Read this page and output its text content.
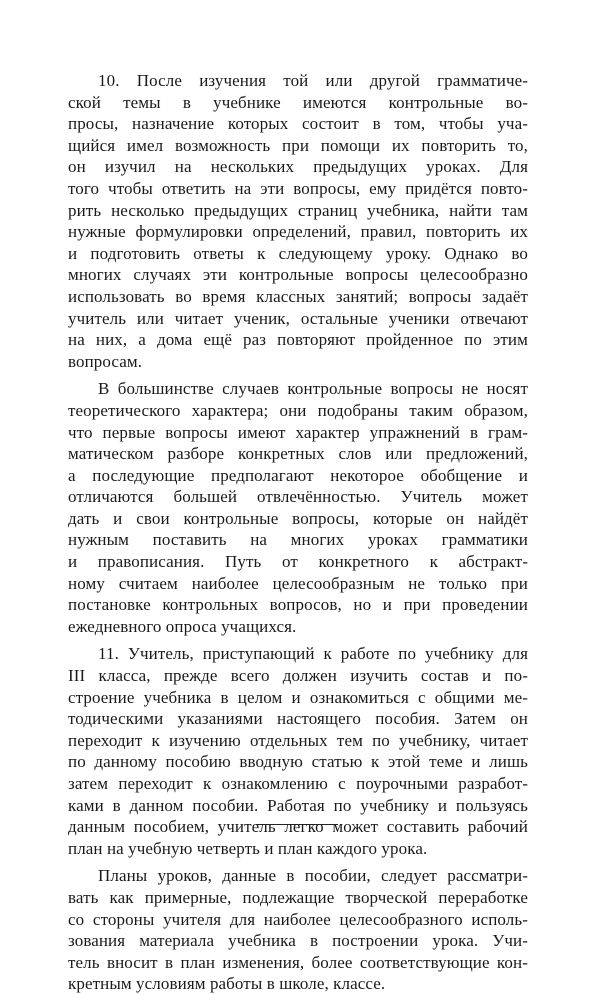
10. После изучения той или другой грамматиче-
ской темы в учебнике имеются контрольные во-
просы, назначение которых состоит в том, чтобы уча-
щийся имел возможность при помощи их повторить то,
он изучил на нескольких предыдущих уроках. Для
того чтобы ответить на эти вопросы, ему придётся повто-
рить несколько предыдущих страниц учебника, найти там
нужные формулировки определений, правил, повторить их
и подготовить ответы к следующему уроку. Однако во
многих случаях эти контрольные вопросы целесообразно
использовать во время классных занятий; вопросы задаёт
учитель или читает ученик, остальные ученики отвечают
на них, а дома ещё раз повторяют пройденное по этим
вопросам.
В большинстве случаев контрольные вопросы не носят
теоретического характера; они подобраны таким образом,
что первые вопросы имеют характер упражнений в грам-
матическом разборе конкретных слов или предложений,
а последующие предполагают некоторое обобщение и
отличаются большей отвлечённостью. Учитель может
дать и свои контрольные вопросы, которые он найдёт
нужным поставить на многих уроках грамматики
и правописания. Путь от конкретного к абстракт-
ному считаем наиболее целесообразным не только при
постановке контрольных вопросов, но и при проведении
ежедневного опроса учащихся.
11. Учитель, приступающий к работе по учебнику для
III класса, прежде всего должен изучить состав и по-
строение учебника в целом и ознакомиться с общими ме-
тодическими указаниями настоящего пособия. Затем он
переходит к изучению отдельных тем по учебнику, читает
по данному пособию вводную статью к этой теме и лишь
затем переходит к ознакомлению с поурочными разработ-
ками в данном пособии. Работая по учебнику и пользуясь
данным пособием, учитель легко может составить рабочий
план на учебную четверть и план каждого урока.
Планы уроков, данные в пособии, следует рассматри-
вать как примерные, подлежащие творческой переработке
со стороны учителя для наиболее целесообразного исполь-
зования материала учебника в построении урока. Учи-
тель вносит в план изменения, более соответствующие кон-
кретным условиям работы в школе, классе.
